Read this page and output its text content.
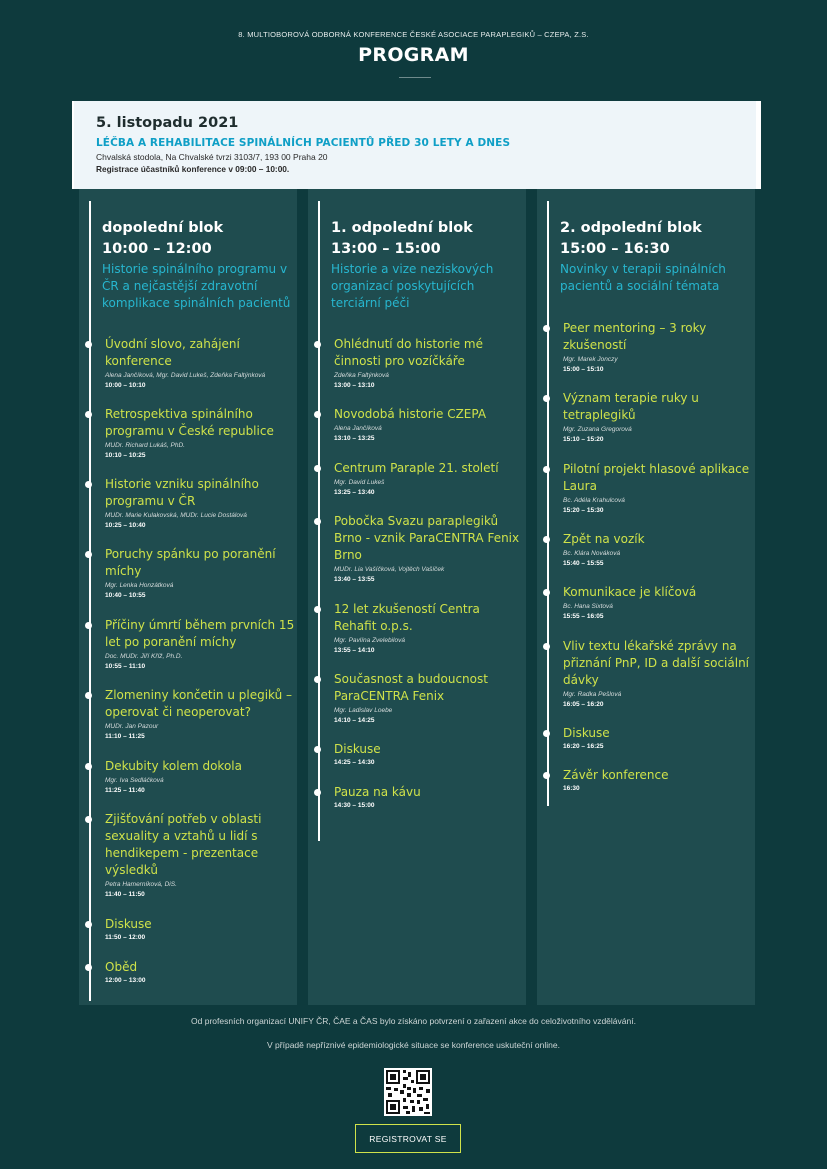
8. MULTIOBOROVÁ ODBORNÁ KONFERENCE ČESKÉ ASOCIACE PARAPLEGIKŮ – CZEPA, Z.S.
PROGRAM
5. listopadu 2021
LÉČBA A REHABILITACE SPINÁLNÍCH PACIENTŮ PŘED 30 LETY A DNES
Chvalská stodola, Na Chvalské tvrzi 3103/7, 193 00 Praha 20
Registrace účastníků konference v 09:00 – 10:00.
dopolední blok
10:00 – 12:00
Historie spinálního programu v ČR a nejčastější zdravotní komplikace spinálních pacientů
Úvodní slovo, zahájení konference
Alena Jančíková, Mgr. David Lukeš, Zdeňka Faltýnková
10:00 – 10:10
Retrospektiva spinálního programu v České republice
MUDr. Richard Lukáš, PhD.
10:10 – 10:25
Historie vzniku spinálního programu v ČR
MUDr. Marie Kulakovská, MUDr. Lucie Dostálová
10:25 – 10:40
Poruchy spánku po poranění míchy
Mgr. Lenka Honzátková
10:40 – 10:55
Příčiny úmrtí během prvních 15 let po poranění míchy
Doc. MUDr. Jiří Kříž, Ph.D.
10:55 – 11:10
Zlomeniny končetin u plegiků – operovat či neoperovat?
MUDr. Jan Pazour
11:10 – 11:25
Dekubity kolem dokola
Mgr. Iva Sedláčková
11:25 – 11:40
Zjišťování potřeb v oblasti sexuality a vztahů u lidí s hendikepem - prezentace výsledků
Petra Hamerníková, DiS.
11:40 – 11:50
Diskuse
11:50 – 12:00
Oběd
12:00 – 13:00
1. odpolední blok
13:00 – 15:00
Historie a vize neziskových organizací poskytujících terciární péči
Ohlédnutí do historie mé činnosti pro vozíčkáře
Zdeňka Faltýnková
13:00 – 13:10
Novodobá historie CZEPA
Alena Jančíková
13:10 – 13:25
Centrum Paraple 21. století
Mgr. David Lukeš
13:25 – 13:40
Pobočka Svazu paraplegiků Brno - vznik ParaCENTRA Fenix Brno
MUDr. Lia Vašíčková, Vojtěch Vašíček
13:40 – 13:55
12 let zkušeností Centra Rehafit o.p.s.
Mgr. Pavlína Zvelebilová
13:55 – 14:10
Současnost a budoucnost ParaCENTRA Fenix
Mgr. Ladislav Loebe
14:10 – 14:25
Diskuse
14:25 – 14:30
Pauza na kávu
14:30 – 15:00
2. odpolední blok
15:00 – 16:30
Novinky v terapii spinálních pacientů a sociální témata
Peer mentoring – 3 roky zkušeností
Mgr. Marek Jonczy
15:00 – 15:10
Význam terapie ruky u tetraplegiků
Mgr. Zuzana Gregorová
15:10 – 15:20
Pilotní projekt hlasové aplikace Laura
Bc. Adéla Krahulcová
15:20 – 15:30
Zpět na vozík
Bc. Klára Nováková
15:40 – 15:55
Komunikace je klíčová
Bc. Hana Sixtová
15:55 – 16:05
Vliv textu lékařské zprávy na přiznání PnP, ID a další sociální dávky
Mgr. Radka Pešlová
16:05 – 16:20
Diskuse
16:20 – 16:25
Závěr konference
16:30
Od profesních organizací UNIFY ČR, ČAE a ČAS bylo získáno potvrzení o zařazení akce do celoživotního vzdělávání.
V případě nepříznivé epidemiologické situace se konference uskuteční online.
REGISTROVAT SE
